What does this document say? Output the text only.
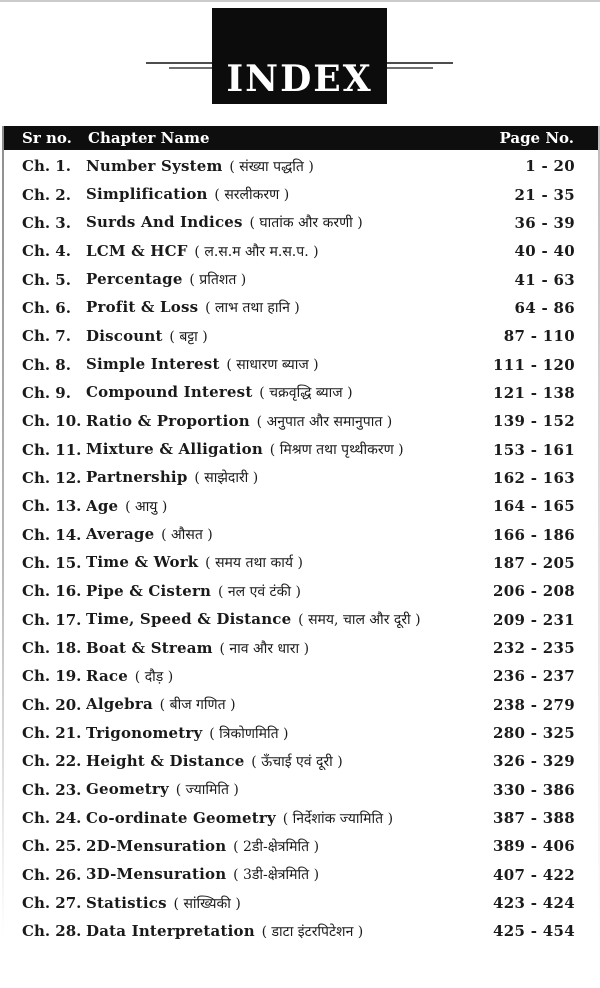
INDEX
Sr no.	Chapter Name	Page No.
Ch. 1.	Number System ( संख्या पद्धति )	1 - 20
Ch. 2.	Simplification ( सरलीकरण )	21 - 35
Ch. 3.	Surds And Indices ( घातांक और करणी )	36 - 39
Ch. 4.	LCM & HCF ( ल.स.म और म.स.प. )	40 - 40
Ch. 5.	Percentage ( प्रतिशत )	41 - 63
Ch. 6.	Profit & Loss ( लाभ तथा हानि )	64 - 86
Ch. 7.	Discount ( बट्टा )	87 - 110
Ch. 8.	Simple Interest ( साधारण ब्याज )	111 - 120
Ch. 9.	Compound Interest ( चक्रवृद्धि ब्याज )	121 - 138
Ch. 10. Ratio & Proportion ( अनुपात और समानुपात )	139 - 152
Ch. 11. Mixture & Alligation ( मिश्रण तथा पृथ्थीकरण )	153 - 161
Ch. 12. Partnership ( साझेदारी )	162 - 163
Ch. 13. Age ( आयु )	164 - 165
Ch. 14. Average ( औसत )	166 - 186
Ch. 15. Time & Work ( समय तथा कार्य )	187 - 205
Ch. 16. Pipe & Cistern ( नल एवं टंकी )	206 - 208
Ch. 17. Time, Speed & Distance ( समय, चाल और दूरी )	209 - 231
Ch. 18. Boat & Stream ( नाव और धारा )	232 - 235
Ch. 19. Race ( दौड़ )	236 - 237
Ch. 20. Algebra ( बीज गणित )	238 - 279
Ch. 21. Trigonometry ( त्रिकोणमिति )	280 - 325
Ch. 22. Height & Distance ( ऊँचाई एवं दूरी )	326 - 329
Ch. 23. Geometry ( ज्यामिति )	330 - 386
Ch. 24. Co-ordinate Geometry ( निर्देशांक ज्यामिति )	387 - 388
Ch. 25. 2D-Mensuration ( 2डी-क्षेत्रमिति )	389 - 406
Ch. 26. 3D-Mensuration ( 3डी-क्षेत्रमिति )	407 - 422
Ch. 27. Statistics ( सांख्यिकी )	423 - 424
Ch. 28. Data Interpretation ( डाटा इंटरपिटेशन )	425 - 454
